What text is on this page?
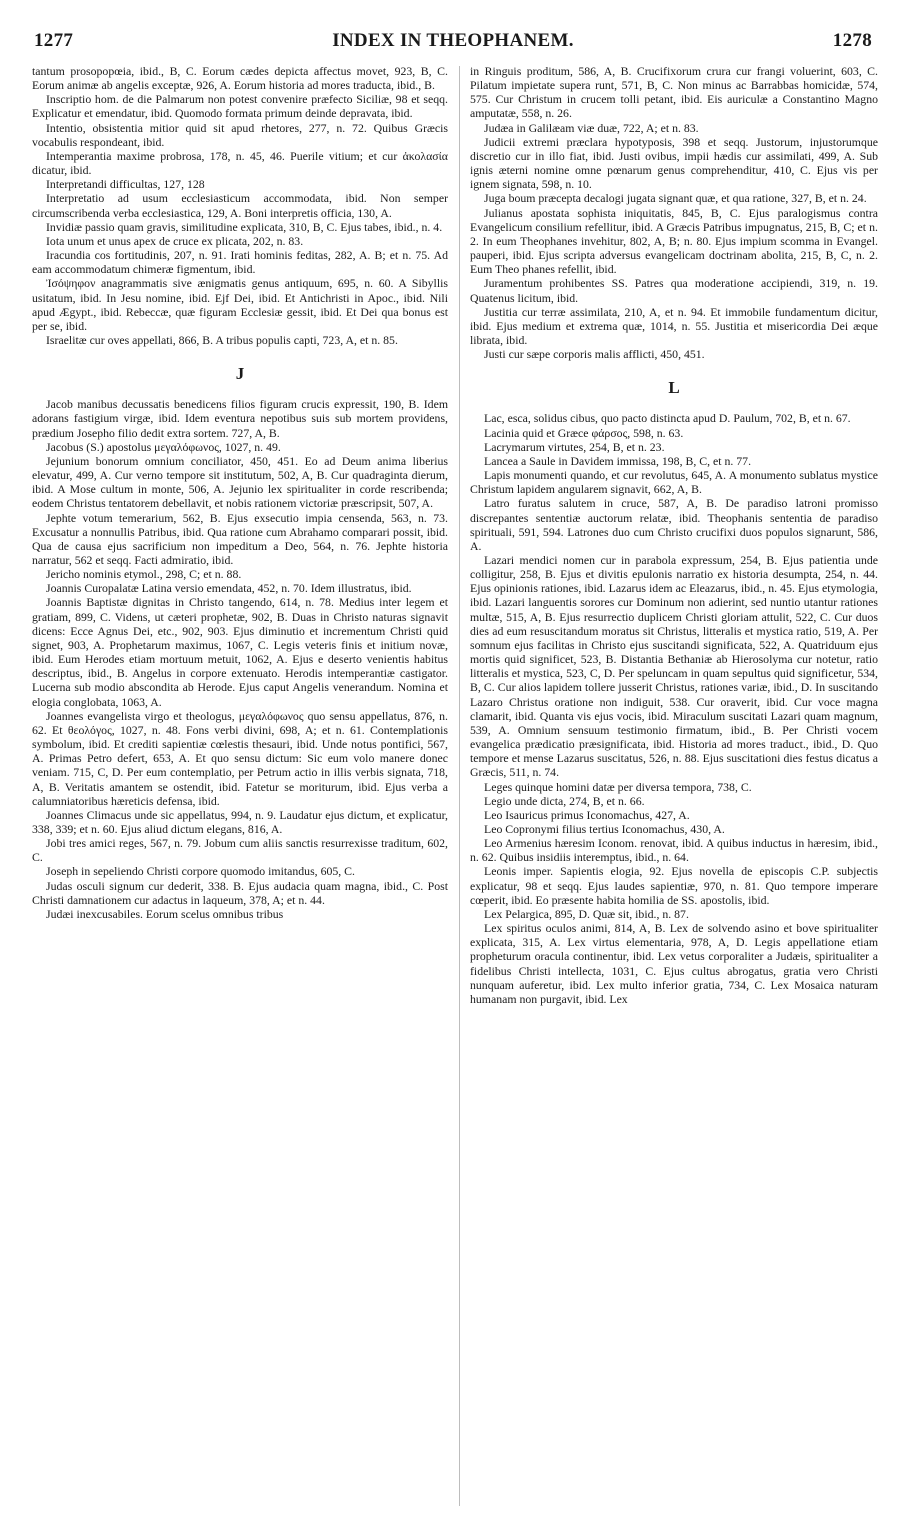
1277	INDEX IN THEOPHANEM.	1278

tantum prosopopœia, ibid., B, C. Eorum cædes depicta affectus movet, 923, B, C. Eorum animæ ab angelis exceptæ, 926, A. Eorum historia ad mores traducta, ibid., B.

Inscriptio hom. de die Palmarum non potest convenire præfecto Siciliæ, 98 et seqq. Explicatur et emendatur, ibid. Quomodo formata primum deinde depravata, ibid.

Intentio, obsistentia mitior quid sit apud rhetores, 277, n. 72. Quibus Græcis vocabulis respondeant, ibid.

Intemperantia maxime probrosa, 178, n. 45, 46. Puerile vitium; et cur ἀκολασία dicatur, ibid.

Interpretandi difficultas, 127, 128

Interpretatio ad usum ecclesiasticum accommodata, ibid. Non semper circumscribenda verba ecclesiastica, 129, A. Boni interpretis officia, 130, A.

Invidiæ passio quam gravis, similitudine explicata, 310, B, C. Ejus tabes, ibid., n. 4.

Iota unum et unus apex de cruce ex plicata, 202, n. 83.

Iracundia cos fortitudinis, 207, n. 91. Irati hominis feditas, 282, A. B; et n. 75. Ad eam accommodatum chimeræ figmentum, ibid.

Ἰσόψηφον anagrammatis sive ænigmatis genus antiquum, 695, n. 60. A Sibyllis usitatum, ibid. In Jesu nomine, ibid. Ejf Dei, ibid. Et Antichristi in Apoc., ibid. Nili apud Ægypt., ibid. Rebeccæ, quæ figuram Ecclesiæ gessit, ibid. Et Dei qua bonus est per se, ibid.

Israelitæ cur oves appellati, 866, B. A tribus populis capti, 723, A, et n. 85.

J

Jacob manibus decussatis benedicens filios figuram crucis expressit, 190, B. Idem adorans fastigium virgæ, ibid. Idem eventura nepotibus suis sub mortem providens, prædium Josepho filio dedit extra sortem. 727, A, B.

Jacobus (S.) apostolus μεγαλόφωνος, 1027, n. 49.

Jejunium bonorum omnium conciliator, 450, 451. Eo ad Deum anima liberius elevatur, 499, A. Cur verno tempore sit institutum, 502, A, B. Cur quadraginta dierum, ibid. A Mose cultum in monte, 506, A. Jejunio lex spiritualiter in corde rescribenda; eodem Christus tentatorem debellavit, et nobis rationem victoriæ præscripsit, 507, A.

Jephte votum temerarium, 562, B. Ejus exsecutio impia censenda, 563, n. 73. Excusatur a nonnullis Patribus, ibid. Qua ratione cum Abrahamo comparari possit, ibid. Qua de causa ejus sacrificium non impeditum a Deo, 564, n. 76. Jephte historia narratur, 562 et seqq. Facti admiratio, ibid.

Jericho nominis etymol., 298, C; et n. 88.

Joannis Curopalatæ Latina versio emendata, 452, n. 70. Idem illustratus, ibid.

Joannis Baptistæ dignitas in Christo tangendo, 614, n. 78. Medius inter legem et gratiam, 899, C. Videns, ut cæteri prophetæ, 902, B. Duas in Christo naturas signavit dicens: Ecce Agnus Dei, etc., 902, 903. Ejus diminutio et incrementum Christi quid signet, 903, A. Prophetarum maximus, 1067, C. Legis veteris finis et initium novæ, ibid. Eum Herodes etiam mortuum metuit, 1062, A. Ejus e deserto venientis habitus descriptus, ibid., B. Angelus in corpore extenuato. Herodis intemperantiæ castigator. Lucerna sub modio abscondita ab Herode. Ejus caput Angelis venerandum. Nomina et elogia conglobata, 1063, A.

Joannes evangelista virgo et theologus, μεγαλόφωνος quo sensu appellatus, 876, n. 62. Et θεολόγος, 1027, n. 48. Fons verbi divini, 698, A; et n. 61. Contemplationis symbolum, ibid. Et crediti sapientiæ cœlestis thesauri, ibid. Unde notus pontifici, 567, A. Primas Petro defert, 653, A. Et quo sensu dictum: Sic eum volo manere donec veniam. 715, C, D. Per eum contemplatio, per Petrum actio in illis verbis signata, 718, A, B. Veritatis amantem se ostendit, ibid. Fatetur se moriturum, ibid. Ejus verba a calumniatoribus hæreticis defensa, ibid.

Joannes Climacus unde sic appellatus, 994, n. 9. Laudatur ejus dictum, et explicatur, 338, 339; et n. 60. Ejus aliud dictum elegans, 816, A.

Jobi tres amici reges, 567, n. 79. Jobum cum aliis sanctis resurrexisse traditum, 602, C.

Joseph in sepeliendo Christi corpore quomodo imitandus, 605, C.

Judas osculi signum cur dederit, 338. B. Ejus audacia quam magna, ibid., C. Post Christi damnationem cur adactus in laqueum, 378, A; et n. 44.

Judæi inexcusabiles. Eorum scelus omnibus tribus

in Ringuis proditum, 586, A, B. Crucifixorum crura cur frangi voluerint, 603, C. Pilatum impietate supera runt, 571, B, C. Non minus ac Barrabbas homicidæ, 574, 575. Cur Christum in crucem tolli petant, ibid. Eis auriculæ a Constantino Magno amputatæ, 558, n. 26.

Judæa in Galilæam viæ duæ, 722, A; et n. 83.

Judicii extremi præclara hypotyposis, 398 et seqq. Justorum, injustorumque discretio cur in illo fiat, ibid. Justi ovibus, impii hædis cur assimilati, 499, A. Sub ignis æterni nomine omne pœnarum genus comprehenditur, 410, C. Ejus vis per ignem signata, 598, n. 10.

Juga boum præcepta decalogi jugata signant quæ, et qua ratione, 327, B, et n. 24.

Julianus apostata sophista iniquitatis, 845, B, C. Ejus paralogismus contra Evangelicum consilium refellitur, ibid. A Græcis Patribus impugnatus, 215, B, C; et n. 2. In eum Theophanes invehitur, 802, A, B; n. 80. Ejus impium scomma in Evangel. pauperi, ibid. Ejus scripta adversus evangelicam doctrinam abolita, 215, B, C, n. 2. Eum Theo phanes refellit, ibid.

Juramentum prohibentes SS. Patres qua moderatione accipiendi, 319, n. 19. Quatenus licitum, ibid.

Justitia cur terræ assimilata, 210, A, et n. 94. Et immobile fundamentum dicitur, ibid. Ejus medium et extrema quæ, 1014, n. 55. Justitia et misericordia Dei æque librata, ibid.

Justi cur sæpe corporis malis afflicti, 450, 451.

L

Lac, esca, solidus cibus, quo pacto distincta apud D. Paulum, 702, B, et n. 67.

Lacinia quid et Græce φάρσος, 598, n. 63.

Lacrymarum virtutes, 254, B, et n. 23.

Lancea a Saule in Davidem immissa, 198, B, C, et n. 77.

Lapis monumenti quando, et cur revolutus, 645, A. A monumento sublatus mystice Christum lapidem angularem signavit, 662, A, B.

Latro furatus salutem in cruce, 587, A, B. De paradiso latroni promisso discrepantes sententiæ auctorum relatæ, ibid. Theophanis sententia de paradiso spirituali, 591, 594. Latrones duo cum Christo crucifixi duos populos signarunt, 586, A.

Lazari mendici nomen cur in parabola expressum, 254, B. Ejus patientia unde colligitur, 258, B. Ejus et divitis epulonis narratio ex historia desumpta, 254, n. 44. Ejus opinionis rationes, ibid. Lazarus idem ac Eleazarus, ibid., n. 45. Ejus etymologia, ibid. Lazari languentis sorores cur Dominum non adierint, sed nuntio utantur rationes multæ, 515, A, B. Ejus resurrectio duplicem Christi gloriam attulit, 522, C. Cur duos dies ad eum resuscitandum moratus sit Christus, litteralis et mystica ratio, 519, A. Per somnum ejus facilitas in Christo ejus suscitandi significata, 522, A. Quatriduum ejus mortis quid significet, 523, B. Distantia Bethaniæ ab Hierosolyma cur notetur, ratio litteralis et mystica, 523, C, D. Per speluncam in quam sepultus quid significetur, 534, B, C. Cur alios lapidem tollere jusserit Christus, rationes variæ, ibid., D. In suscitando Lazaro Christus oratione non indiguit, 538. Cur oraverit, ibid. Cur voce magna clamarit, ibid. Quanta vis ejus vocis, ibid. Miraculum suscitati Lazari quam magnum, 539, A. Omnium sensuum testimonio firmatum, ibid., B. Per Christi vocem evangelica prædicatio præsignificata, ibid. Historia ad mores traduct., ibid., D. Quo tempore et mense Lazarus suscitatus, 526, n. 88. Ejus suscitationi dies festus dicatus a Græcis, 511, n. 74.

Leges quinque homini datæ per diversa tempora, 738, C.

Legio unde dicta, 274, B, et n. 66.

Leo Isauricus primus Iconomachus, 427, A.

Leo Copronymi filius tertius Iconomachus, 430, A.

Leo Armenius hæresim Iconom. renovat, ibid. A quibus inductus in hæresim, ibid., n. 62. Quibus insidiis interemptus, ibid., n. 64.

Leonis imper. Sapientis elogia, 92. Ejus novella de episcopis C.P. subjectis explicatur, 98 et seqq. Ejus laudes sapientiæ, 970, n. 81. Quo tempore imperare cœperit, ibid. Eo præsente habita homilia de SS. apostolis, ibid.

Lex Pelargica, 895, D. Quæ sit, ibid., n. 87.

Lex spiritus oculos animi, 814, A, B. Lex de solvendo asino et bove spiritualiter explicata, 315, A. Lex virtus elementaria, 978, A, D. Legis appellatione etiam propheturum oracula continentur, ibid. Lex vetus corporaliter a Judæis, spiritualiter a fidelibus Christi intellecta, 1031, C. Ejus cultus abrogatus, gratia vero Christi nunquam auferetur, ibid. Lex multo inferior gratia, 734, C. Lex Mosaica naturam humanam non purgavit, ibid. Lex
